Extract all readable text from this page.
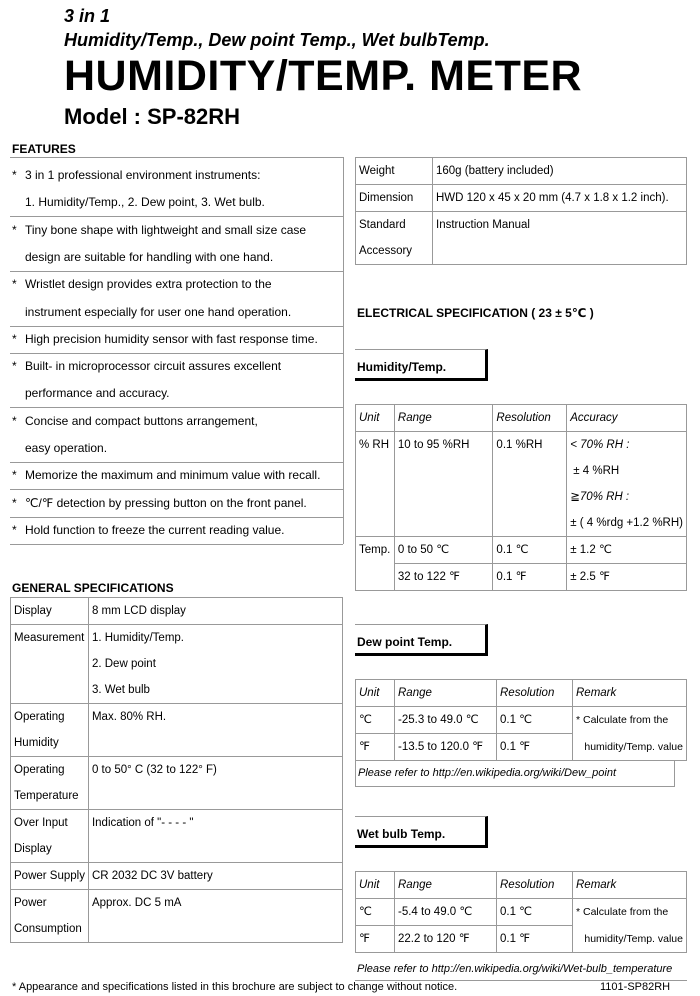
3 in 1
Humidity/Temp., Dew point Temp., Wet bulbTemp.
HUMIDITY/TEMP. METER
Model : SP-82RH
FEATURES
* 3 in 1 professional environment instruments:
1. Humidity/Temp., 2. Dew point, 3. Wet bulb.
* Tiny bone shape with lightweight and small size case
design are suitable for handling with one hand.
* Wristlet design provides extra protection to the
instrument especially for user one hand operation.
* High precision humidity sensor with fast response time.
* Built- in microprocessor circuit assures excellent
performance and accuracy.
* Concise and compact buttons arrangement,
easy operation.
* Memorize the maximum and minimum value with recall.
* ℃/℉ detection by pressing button on the front panel.
* Hold function to freeze the current reading value.
GENERAL SPECIFICATIONS
Display	8 mm LCD display
Measurement	1. Humidity/Temp.
	2. Dew point
	3. Wet bulb
Operating	Max. 80% RH.
Humidity	
Operating	0 to 50° C (32 to 122° F)
Temperature	
Over Input	Indication of "- - - - "
Display	
Power Supply	CR 2032 DC 3V battery
Power	Approx. DC 5 mA
Consumption	
Weight	160g (battery included)
Dimension	HWD 120 x 45 x 20 mm (4.7 x 1.8 x 1.2 inch).
Standard	Instruction Manual
Accessory	
ELECTRICAL SPECIFICATION ( 23 ± 5℃ )
Humidity/Temp.
Unit	Range	Resolution	Accuracy
% RH	10 to 95 %RH	0.1 %RH	< 70% RH :
			± 4 %RH
			≧70% RH :
			± ( 4 %rdg +1.2 %RH)
Temp.	0 to 50 ℃	0.1 ℃	± 1.2 ℃
	32 to 122 ℉	0.1 ℉	± 2.5 ℉
Dew point Temp.
Unit	Range	Resolution	Remark
℃	-25.3 to 49.0 ℃	0.1 ℃	* Calculate from the
℉	-13.5 to 120.0 ℉	0.1 ℉	humidity/Temp. value
Please refer to http://en.wikipedia.org/wiki/Dew_point
Wet bulb Temp.
Unit	Range	Resolution	Remark
℃	-5.4 to 49.0 ℃	0.1 ℃	* Calculate from the
℉	22.2 to 120 ℉	0.1 ℉	humidity/Temp. value
Please refer to http://en.wikipedia.org/wiki/Wet-bulb_temperature
* Appearance and specifications listed in this brochure are subject to change without notice.	1101-SP82RH
